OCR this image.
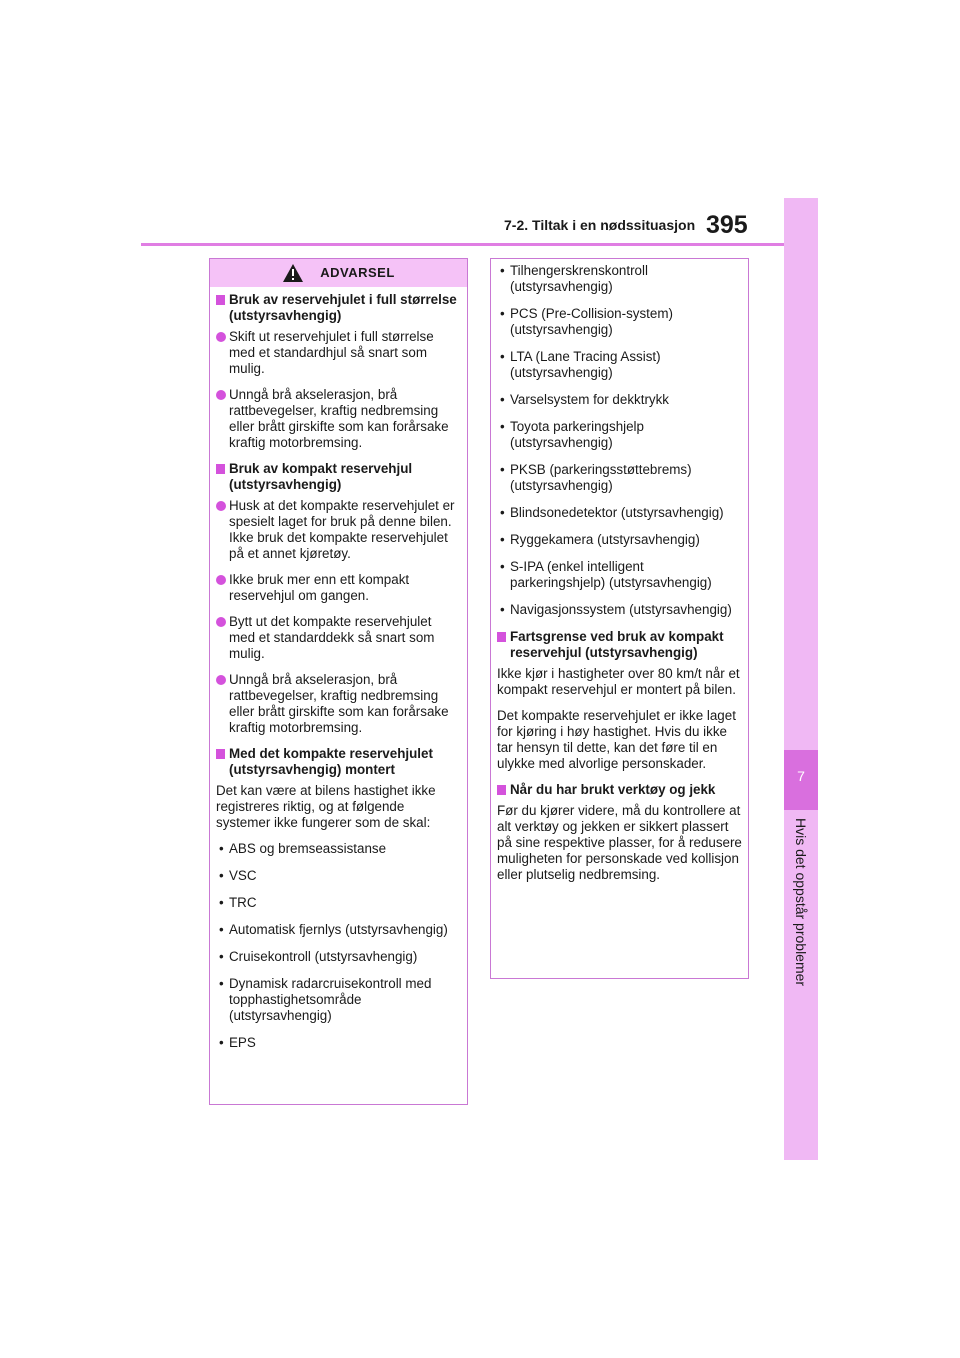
7-2. Tiltak i en nødssituasjon 395
7
Hvis det oppstår problemer
ADVARSEL
Bruk av reservehjulet i full størrelse (utstyrsavhengig)
Skift ut reservehjulet i full størrelse med et standardhjul så snart som mulig.
Unngå brå akselerasjon, brå rattbevegelser, kraftig nedbremsing eller brått girskifte som kan forårsake kraftig motorbremsing.
Bruk av kompakt reservehjul (utstyrsavhengig)
Husk at det kompakte reservehjulet er spesielt laget for bruk på denne bilen. Ikke bruk det kompakte reservehjulet på et annet kjøretøy.
Ikke bruk mer enn ett kompakt reservehjul om gangen.
Bytt ut det kompakte reservehjulet med et standarddekk så snart som mulig.
Unngå brå akselerasjon, brå rattbevegelser, kraftig nedbremsing eller brått girskifte som kan forårsake kraftig motorbremsing.
Med det kompakte reservehjulet (utstyrsavhengig) montert
Det kan være at bilens hastighet ikke registreres riktig, og at følgende systemer ikke fungerer som de skal:
• ABS og bremseassistanse
• VSC
• TRC
• Automatisk fjernlys (utstyrsavhengig)
• Cruisekontroll (utstyrsavhengig)
• Dynamisk radarcruisekontroll med topphastighetsområde (utstyrsavhengig)
• EPS
• Tilhengerskrenskontroll (utstyrsavhengig)
• PCS (Pre-Collision-system) (utstyrsavhengig)
• LTA (Lane Tracing Assist) (utstyrsavhengig)
• Varselsystem for dekktrykk
• Toyota parkeringshjelp (utstyrsavhengig)
• PKSB (parkeringsstøttebrems) (utstyrsavhengig)
• Blindsonedetektor (utstyrsavhengig)
• Ryggekamera (utstyrsavhengig)
• S-IPA (enkel intelligent parkeringshjelp) (utstyrsavhengig)
• Navigasjonssystem (utstyrsavhengig)
Fartsgrense ved bruk av kompakt reservehjul (utstyrsavhengig)
Ikke kjør i hastigheter over 80 km/t når et kompakt reservehjul er montert på bilen.
Det kompakte reservehjulet er ikke laget for kjøring i høy hastighet. Hvis du ikke tar hensyn til dette, kan det føre til en ulykke med alvorlige personskader.
Når du har brukt verktøy og jekk
Før du kjører videre, må du kontrollere at alt verktøy og jekken er sikkert plassert på sine respektive plasser, for å redusere muligheten for personskade ved kollisjon eller plutselig nedbremsing.
